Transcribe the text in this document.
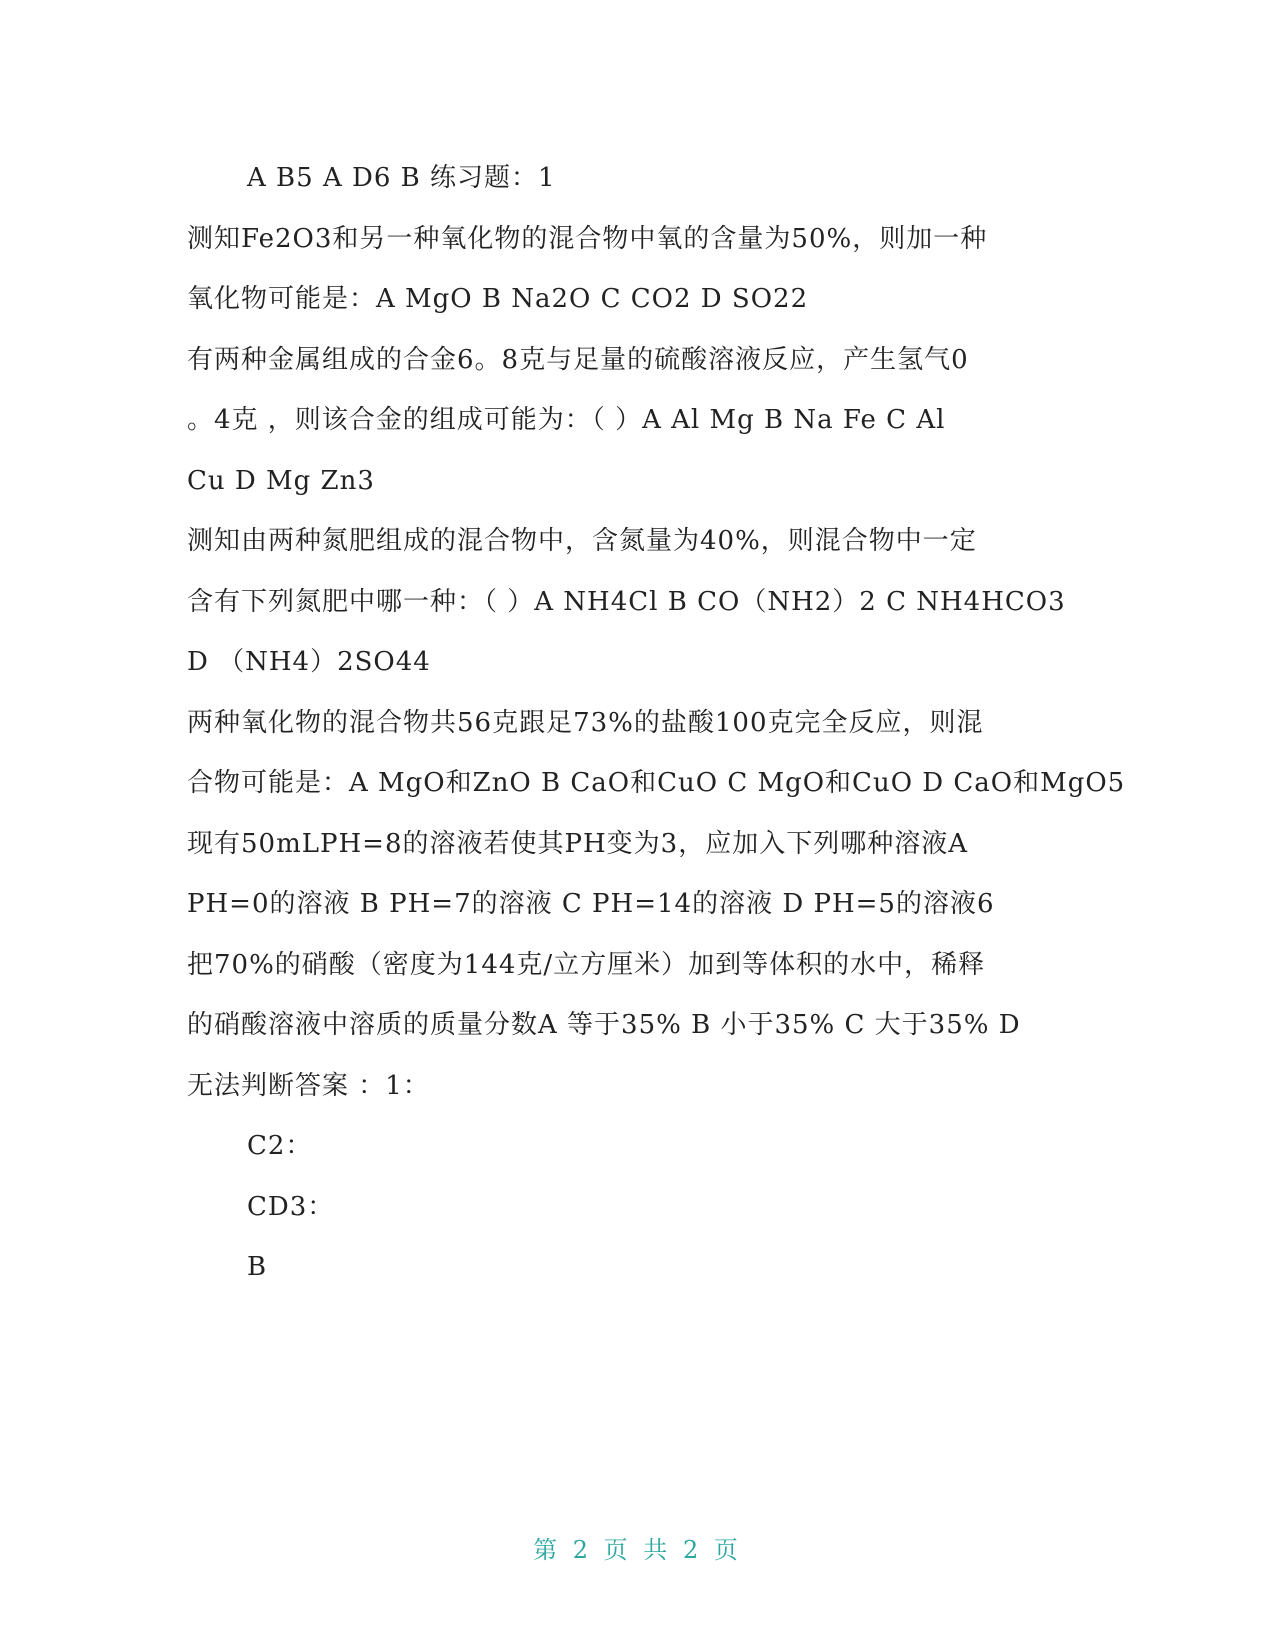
A B5 A D6 B 练习题：1
测知Fe2O3和另一种氧化物的混合物中氧的含量为50%，则加一种
氧化物可能是：A MgO B Na2O C CO2 D SO22
有两种金属组成的合金6。8克与足量的硫酸溶液反应，产生氢气0
。4克 ，则该合金的组成可能为：（ ）A Al Mg B Na Fe C Al
Cu D Mg Zn3
测知由两种氮肥组成的混合物中，含氮量为40%，则混合物中一定
含有下列氮肥中哪一种：（ ）A NH4Cl B CO（NH2）2 C NH4HCO3
D （NH4）2SO44
两种氧化物的混合物共56克跟足73%的盐酸100克完全反应，则混
合物可能是：A MgO和ZnO B CaO和CuO C MgO和CuO D CaO和MgO5
现有50mLPH=8的溶液若使其PH变为3，应加入下列哪种溶液A
PH=0的溶液 B PH=7的溶液 C PH=14的溶液 D PH=5的溶液6
把70%的硝酸（密度为144克/立方厘米）加到等体积的水中，稀释
的硝酸溶液中溶质的质量分数A 等于35% B 小于35% C 大于35% D
无法判断答案 ：1：
C2：
CD3：
B
第 2 页 共 2 页
